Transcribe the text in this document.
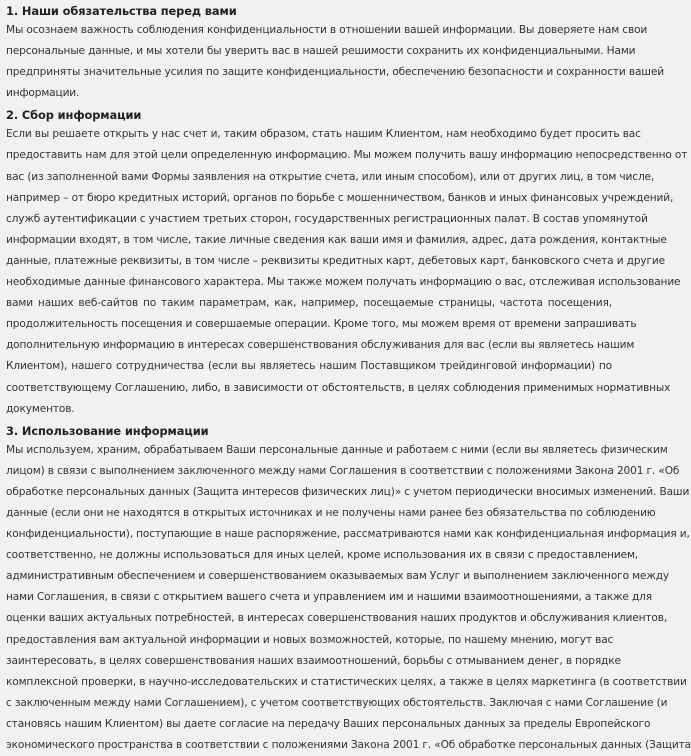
1. Наши обязательства перед вами
Мы осознаем важность соблюдения конфиденциальности в отношении вашей информации. Вы доверяете нам свои
персональные данные, и мы хотели бы уверить вас в нашей решимости сохранить их конфиденциальными. Нами
предприняты значительные усилия по защите конфиденциальности, обеспечению безопасности и сохранности вашей
информации.
2. Сбор информации
Если вы решаете открыть у нас счет и, таким образом, стать нашим Клиентом, нам необходимо будет просить вас
предоставить нам для этой цели определенную информацию. Мы можем получить вашу информацию непосредственно от
вас (из заполненной вами Формы заявления на открытие счета, или иным способом), или от других лиц, в том числе,
например – от бюро кредитных историй, органов по борьбе с мошенничеством, банков и иных финансовых учреждений,
служб аутентификации с участием третьих сторон, государственных регистрационных палат. В состав упомянутой
информации входят, в том числе, такие личные сведения как ваши имя и фамилия, адрес, дата рождения, контактные
данные, платежные реквизиты, в том числе – реквизиты кредитных карт, дебетовых карт, банковского счета и другие
необходимые данные финансового характера. Мы также можем получать информацию о вас, отслеживая использование
вами наших веб-сайтов по таким параметрам, как, например, посещаемые страницы, частота посещения,
продолжительность посещения и совершаемые операции. Кроме того, мы можем время от времени запрашивать
дополнительную информацию в интересах совершенствования обслуживания для вас (если вы являетесь нашим
Клиентом), нашего сотрудничества (если вы являетесь нашим Поставщиком трейдинговой информации) по
соответствующему Соглашению, либо, в зависимости от обстоятельств, в целях соблюдения применимых нормативных
документов.
3. Использование информации
Мы используем, храним, обрабатываем Ваши персональные данные и работаем с ними (если вы являетесь физическим
лицом) в связи с выполнением заключенного между нами Соглашения в соответствии с положениями Закона 2001 г. «Об
обработке персональных данных (Защита интересов физических лиц)» с учетом периодически вносимых изменений. Ваши
данные (если они не находятся в открытых источниках и не получены нами ранее без обязательства по соблюдению
конфиденциальности), поступающие в наше распоряжение, рассматриваются нами как конфиденциальная информация и,
соответственно, не должны использоваться для иных целей, кроме использования их в связи с предоставлением,
административным обеспечением и совершенствованием оказываемых вам Услуг и выполнением заключенного между
нами Соглашения, в связи с открытием вашего счета и управлением им и нашими взаимоотношениями, а также для
оценки ваших актуальных потребностей, в интересах совершенствования наших продуктов и обслуживания клиентов,
предоставления вам актуальной информации и новых возможностей, которые, по нашему мнению, могут вас
заинтересовать, в целях совершенствования наших взаимоотношений, борьбы с отмыванием денег, в порядке
комплексной проверки, в научно-исследовательских и статистических целях, а также в целях маркетинга (в соответствии
с заключенным между нами Соглашением), с учетом соответствующих обстоятельств. Заключая с нами Соглашение (и
становясь нашим Клиентом) вы даете согласие на передачу Ваших персональных данных за пределы Европейского
экономического пространства в соответствии с положениями Закона 2001 г. «Об обработке персональных данных (Защита
